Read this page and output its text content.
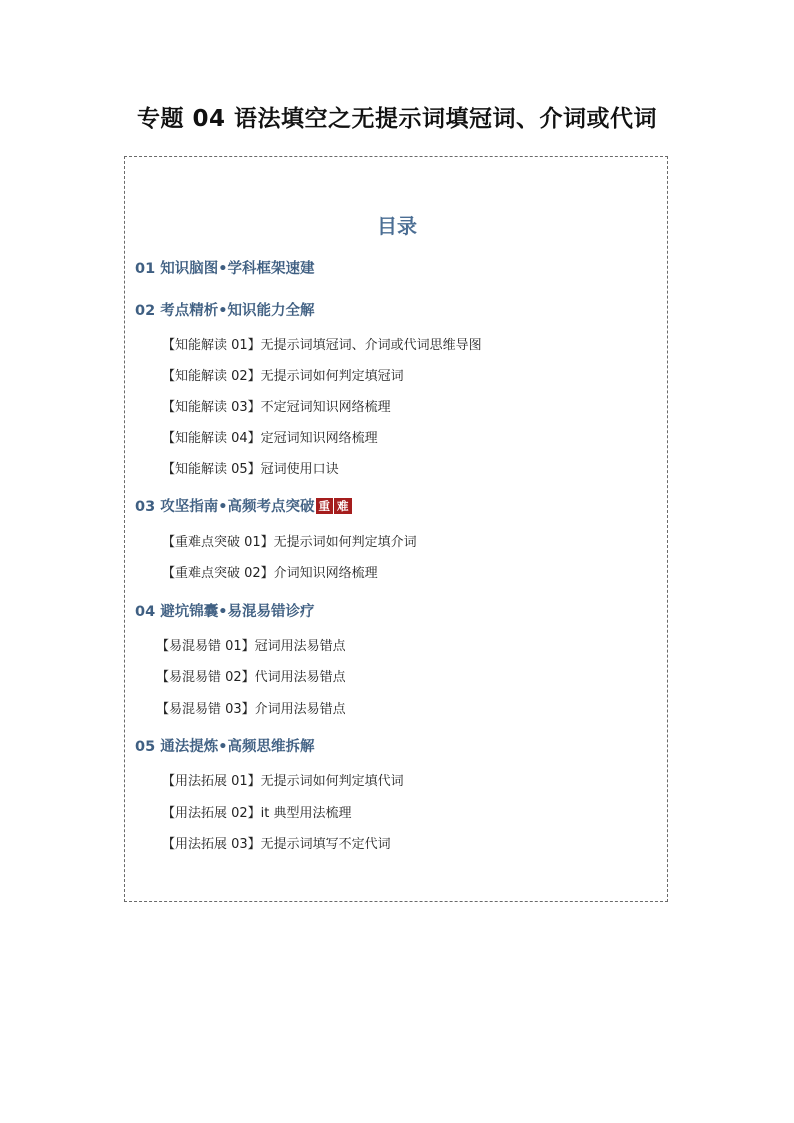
专题 04 语法填空之无提示词填冠词、介词或代词
目录
01 知识脑图•学科框架速建
02 考点精析•知识能力全解
【知能解读 01】无提示词填冠词、介词或代词思维导图
【知能解读 02】无提示词如何判定填冠词
【知能解读 03】不定冠词知识网络梳理
【知能解读 04】定冠词知识网络梳理
【知能解读 05】冠词使用口诀
03 攻坚指南•高频考点突破 重 难
【重难点突破 01】无提示词如何判定填介词
【重难点突破 02】介词知识网络梳理
04 避坑锦囊•易混易错诊疗
【易混易错 01】冠词用法易错点
【易混易错 02】代词用法易错点
【易混易错 03】介词用法易错点
05 通法提炼•高频思维拆解
【用法拓展 01】无提示词如何判定填代词
【用法拓展 02】it 典型用法梳理
【用法拓展 03】无提示词填写不定代词
